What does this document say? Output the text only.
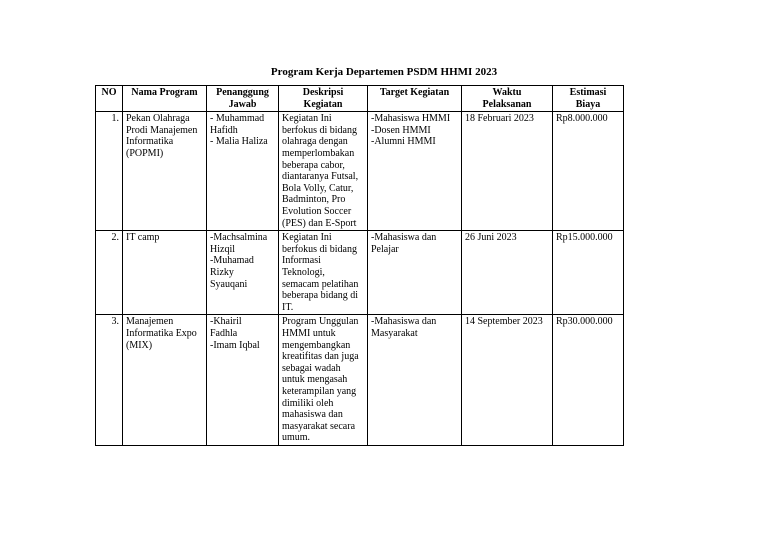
Program Kerja Departemen PSDM HHMI 2023
NO	Nama Program	Penanggung
Jawab	Deskripsi
Kegiatan	Target Kegiatan	Waktu
Pelaksanan	Estimasi
Biaya

1.	Pekan Olahraga
Prodi Manajemen
Informatika
(POPMI)	- Muhammad
Hafidh
- Malia Haliza	Kegiatan Ini berfokus di bidang olahraga dengan memperlombakan beberapa cabor, diantaranya Futsal, Bola Volly, Catur, Badminton, Pro Evolution Soccer (PES) dan E-Sport	-Mahasiswa HMMI
-Dosen HMMI
-Alumni HMMI	18 Februari 2023	Rp8.000.000
2.	IT camp	-Machsalmina
Hizqil
-Muhamad
Rizky
Syauqani	Kegiatan Ini berfokus di bidang Informasi Teknologi, semacam pelatihan beberapa bidang di IT.	-Mahasiswa dan
Pelajar	26 Juni 2023	Rp15.000.000
3.	Manajemen
Informatika Expo
(MIX)	-Khairil
Fadhla
-Imam Iqbal	Program Unggulan HMMI untuk mengembangkan kreatifitas dan juga sebagai wadah untuk mengasah keterampilan yang dimiliki oleh mahasiswa dan masyarakat secara umum.	-Mahasiswa dan
Masyarakat	14 September 2023	Rp30.000.000
